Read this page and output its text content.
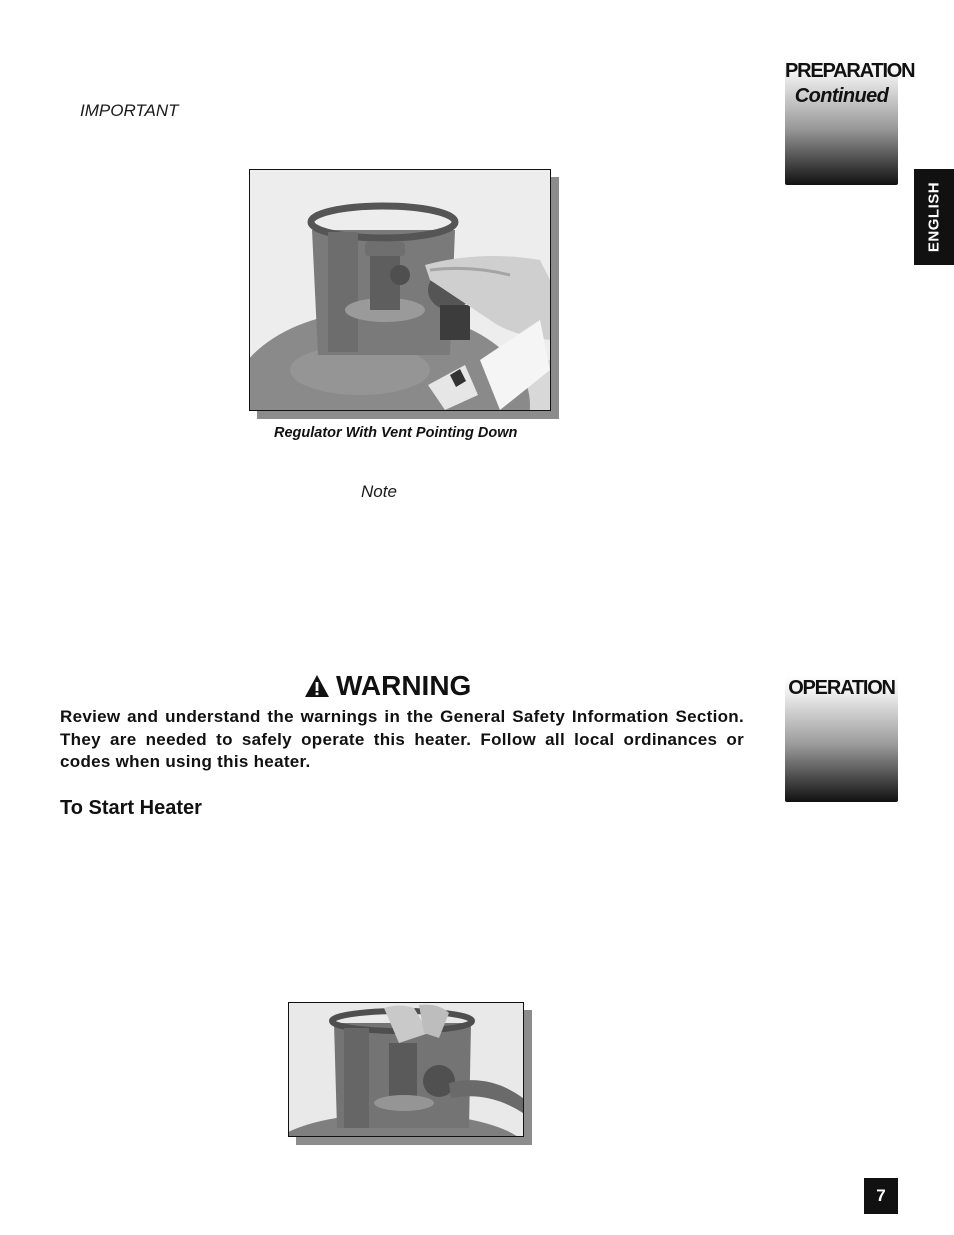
PREPARATION
Continued
ENGLISH
IMPORTANT
Regulator With Vent Pointing Down
Note
OPERATION
WARNING
Review and understand the warnings in the General Safety Information Section. They are needed to safely operate this heater. Follow all local ordinances or codes when using this heater.
To Start Heater
7
